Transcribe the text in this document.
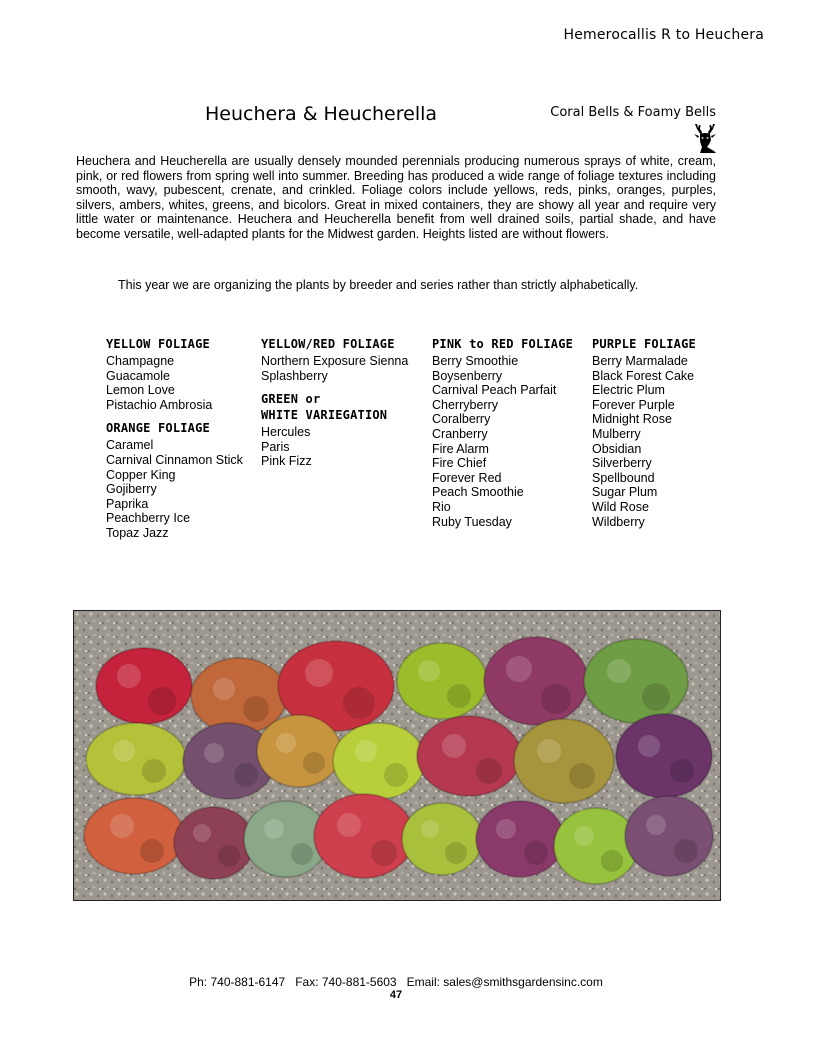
Hemerocallis R to Heuchera
Heuchera & Heucherella	Coral Bells & Foamy Bells

Heuchera and Heucherella are usually densely mounded perennials producing numerous sprays of white, cream, pink, or red flowers from spring well into summer. Breeding has produced a wide range of foliage textures including smooth, wavy, pubescent, crenate, and crinkled. Foliage colors include yellows, reds, pinks, oranges, purples, silvers, ambers, whites, greens, and bicolors. Great in mixed containers, they are showy all year and require very little water or maintenance. Heuchera and Heucherella benefit from well drained soils, partial shade, and have become versatile, well-adapted plants for the Midwest garden. Heights listed are without flowers.

This year we are organizing the plants by breeder and series rather than strictly alphabetically.

YELLOW FOLIAGE
Champagne
Guacamole
Lemon Love
Pistachio Ambrosia
ORANGE FOLIAGE
Caramel
Carnival Cinnamon Stick
Copper King
Gojiberry
Paprika
Peachberry Ice
Topaz Jazz
YELLOW/RED FOLIAGE
Northern Exposure Sienna
Splashberry
GREEN or
WHITE VARIEGATION
Hercules
Paris
Pink Fizz
PINK to RED FOLIAGE
Berry Smoothie
Boysenberry
Carnival Peach Parfait
Cherryberry
Coralberry
Cranberry
Fire Alarm
Fire Chief
Forever Red
Peach Smoothie
Rio
Ruby Tuesday
PURPLE FOLIAGE
Berry Marmalade
Black Forest Cake
Electric Plum
Forever Purple
Midnight Rose
Mulberry
Obsidian
Silverberry
Spellbound
Sugar Plum
Wild Rose
Wildberry
Ph: 740-881-6147   Fax: 740-881-5603   Email: sales@smithsgardensinc.com
47
